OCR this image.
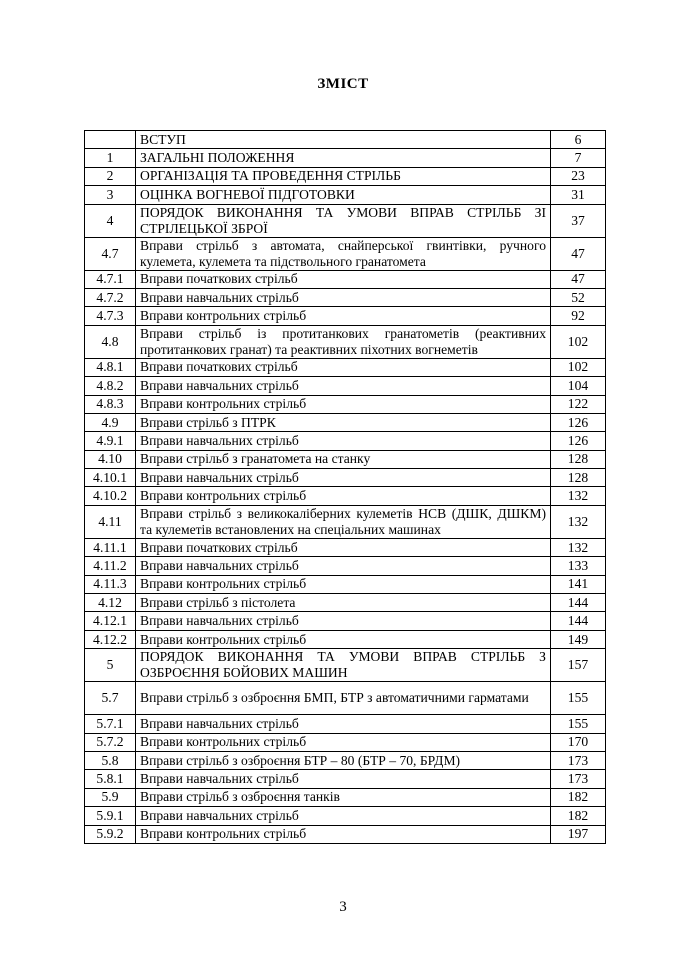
ЗМІСТ
	ВСТУП	6
1	ЗАГАЛЬНІ ПОЛОЖЕННЯ	7
2	ОРГАНІЗАЦІЯ ТА ПРОВЕДЕННЯ СТРІЛЬБ	23
3	ОЦІНКА ВОГНЕВОЇ ПІДГОТОВКИ	31
4	ПОРЯДОК ВИКОНАННЯ ТА УМОВИ ВПРАВ СТРІЛЬБ ЗІ СТРІЛЕЦЬКОЇ ЗБРОЇ	37
4.7	Вправи стрільб з автомата, снайперської гвинтівки, ручного кулемета, кулемета та підствольного гранатомета	47
4.7.1	Вправи початкових стрільб	47
4.7.2	Вправи навчальних стрільб	52
4.7.3	Вправи контрольних стрільб	92
4.8	Вправи стрільб із протитанкових гранатометів (реактивних протитанкових гранат) та реактивних піхотних вогнеметів	102
4.8.1	Вправи початкових стрільб	102
4.8.2	Вправи навчальних стрільб	104
4.8.3	Вправи контрольних стрільб	122
4.9	Вправи стрільб з ПТРК	126
4.9.1	Вправи навчальних стрільб	126
4.10	Вправи стрільб з гранатомета на станку	128
4.10.1	Вправи навчальних стрільб	128
4.10.2	Вправи контрольних стрільб	132
4.11	Вправи стрільб з великокаліберних кулеметів НСВ (ДШК, ДШКМ) та кулеметів встановлених на спеціальних машинах	132
4.11.1	Вправи початкових стрільб	132
4.11.2	Вправи навчальних стрільб	133
4.11.3	Вправи контрольних стрільб	141
4.12	Вправи стрільб з пістолета	144
4.12.1	Вправи навчальних стрільб	144
4.12.2	Вправи контрольних стрільб	149
5	ПОРЯДОК ВИКОНАННЯ ТА УМОВИ ВПРАВ СТРІЛЬБ З ОЗБРОЄННЯ БОЙОВИХ МАШИН	157
5.7	Вправи стрільб з озброєння БМП, БТР з автоматичними гарматами	155
5.7.1	Вправи навчальних стрільб	155
5.7.2	Вправи контрольних стрільб	170
5.8	Вправи стрільб з озброєння БТР – 80 (БТР – 70, БРДМ)	173
5.8.1	Вправи навчальних стрільб	173
5.9	Вправи стрільб з озброєння танків	182
5.9.1	Вправи навчальних стрільб	182
5.9.2	Вправи контрольних стрільб	197
3
